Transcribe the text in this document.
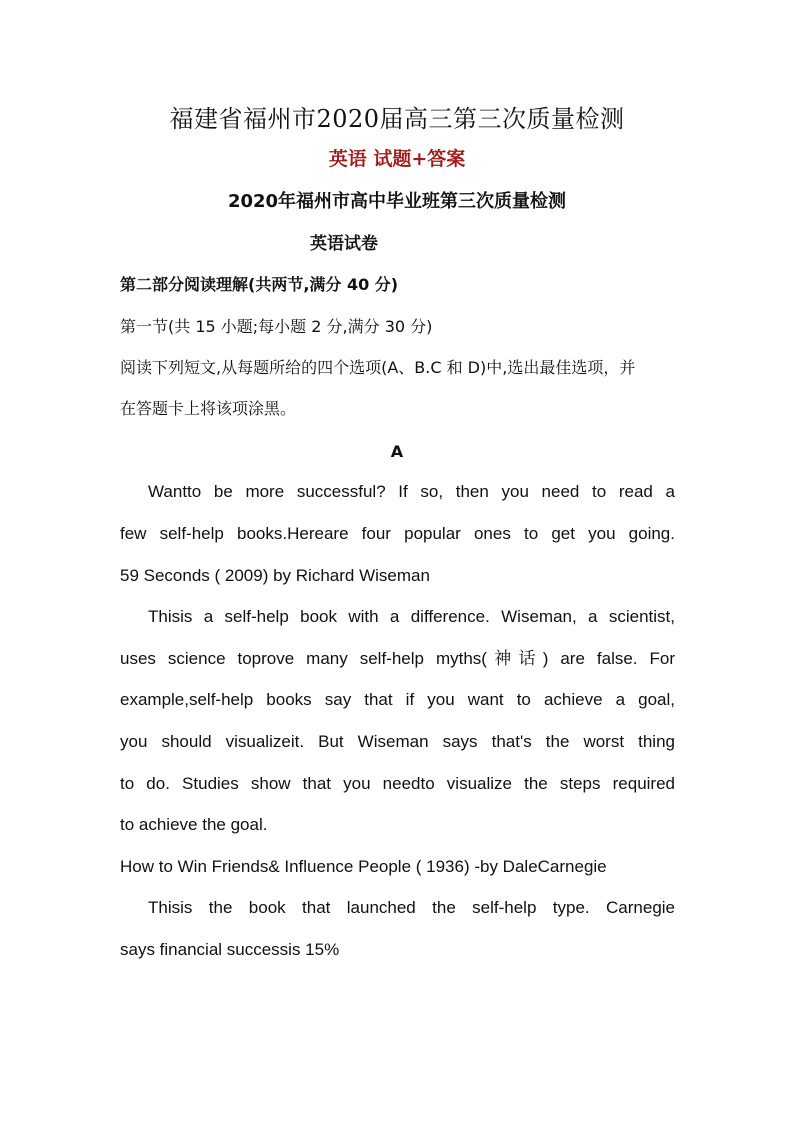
福建省福州市2020届高三第三次质量检测
英语 试题+答案
2020年福州市高中毕业班第三次质量检测
英语试卷
第二部分阅读理解(共两节,满分 40 分)
第一节(共 15 小题;每小题 2 分,满分 30 分)
阅读下列短文,从每题所给的四个选项(A、B.C 和 D)中,选出最佳选项，并
在答题卡上将该项涂黑。
A
Wantto be more successful? If so, then you need to read a
few self-help books.Hereare four popular ones to get you going.
59 Seconds ( 2009) by Richard Wiseman
Thisis a self-help book with a difference. Wiseman, a scientist,
uses science toprove many self-help myths(神话) are false. For
example,self-help books say that if you want to achieve a goal,
you should visualizeit. But Wiseman says that's the worst thing
to do. Studies show that you needto visualize the steps required
to achieve the goal.
How to Win Friends& Influence People ( 1936) -by DaleCarnegie
Thisis the book that launched the self-help type. Carnegie
says financial successis 15%
